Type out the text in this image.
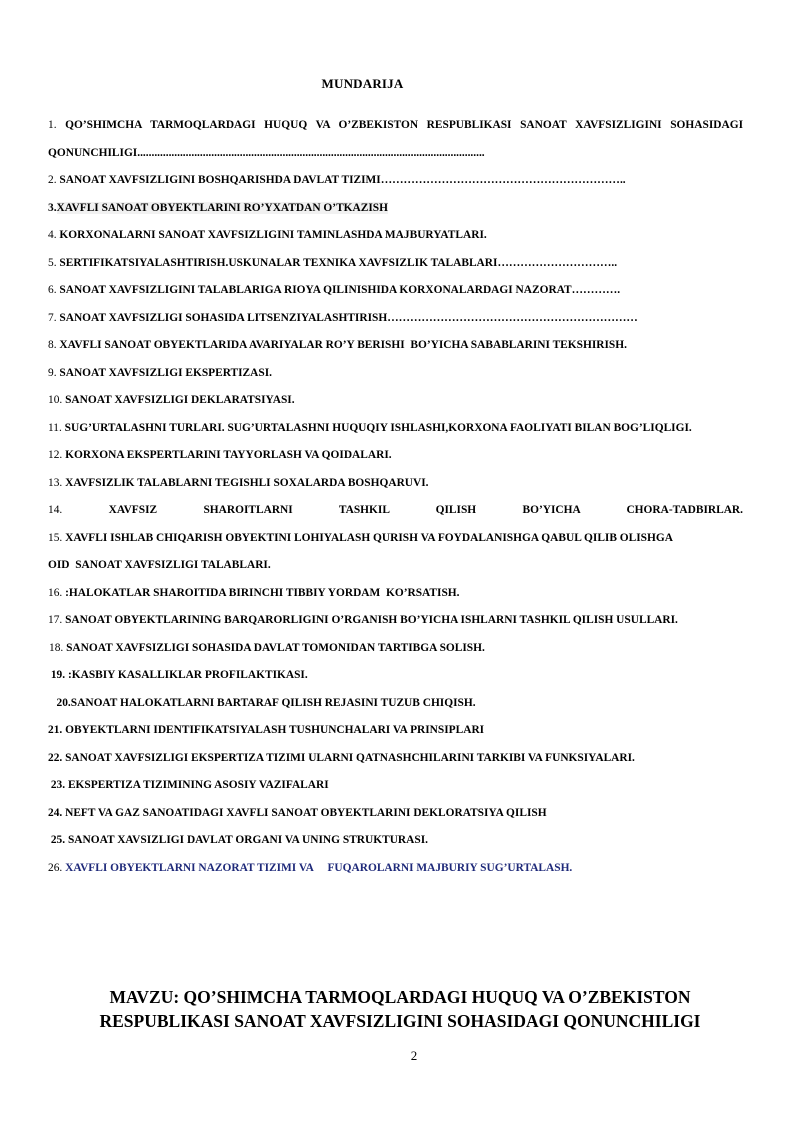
MUNDARIJA
1. QO’SHIMCHA TARMOQLARDAGI HUQUQ VA O’ZBEKISTON RESPUBLIKASI SANOAT XAVFSIZLIGINI SOHASIDAGI
QONUNCHILIGI..........................................................................................................................
2. SANOAT XAVFSIZLIGINI BOSHQARISHDA DAVLAT TIZIMI………………………………………………………..
3.XAVFLI SANOAT OBYEKTLARINI RO’YXATDAN O’TKAZISH
4. KORXONALARNI SANOAT XAVFSIZLIGINI TAMINLASHDA MAJBURYATLARI.
5. SERTIFIKATSIYALASHTIRISH.USKUNALAR TEXNIKA XAVFSIZLIK TALABLARI…………………………..
6. SANOAT XAVFSIZLIGINI TALABLARIGA RIOYA QILINISHIDA KORXONALARDAGI NAZORAT………….
7. SANOAT XAVFSIZLIGI SOHASIDA LITSENZIYALASHTIRISH…………………………………………………………
8. XAVFLI SANOAT OBYEKTLARIDA AVARIYALAR RO’Y BERISHI  BO’YICHA SABABLARINI TEKSHIRISH.
9. SANOAT XAVFSIZLIGI EKSPERTIZASI.
10. SANOAT XAVFSIZLIGI DEKLARATSIYASI.
11. SUG’URTALASHNI TURLARI. SUG’URTALASHNI HUQUQIY ISHLASHI,KORXONA FAOLIYATI BILAN BOG’LIQLIGI.
12. KORXONA EKSPERTLARINI TAYYORLASH VA QOIDALARI.
13. XAVFSIZLIK TALABLARNI TEGISHLI SOXALARDA BOSHQARUVI.
14. XAVFSIZ SHAROITLARNI TASHKIL QILISH BO’YICHA CHORA-TADBIRLAR.
15. XAVFLI ISHLAB CHIQARISH OBYEKTINI LOHIYALASH QURISH VA FOYDALANISHGA QABUL QILIB OLISHGA
OID  SANOAT XAVFSIZLIGI TALABLARI.
16. :HALOKATLAR SHAROITIDA BIRINCHI TIBBIY YORDAM  KO’RSATISH.
17. SANOAT OBYEKTLARINING BARQARORLIGINI O’RGANISH BO’YICHA ISHLARNI TASHKIL QILISH USULLARI.
18. SANOAT XAVFSIZLIGI SOHASIDA DAVLAT TOMONIDAN TARTIBGA SOLISH.
19. :KASBIY KASALLIKLAR PROFILAKTIKASI.
20.SANOAT HALOKATLARNI BARTARAF QILISH REJASINI TUZUB CHIQISH.
21. OBYEKTLARNI IDENTIFIKATSIYALASH TUSHUNCHALARI VA PRINSIPLARI
22. SANOAT XAVFSIZLIGI EKSPERTIZA TIZIMI ULARNI QATNASHCHILARINI TARKIBI VA FUNKSIYALARI.
23. EKSPERTIZA TIZIMINING ASOSIY VAZIFALARI
24. NEFT VA GAZ SANOATIDAGI XAVFLI SANOAT OBYEKTLARINI DEKLORATSIYA QILISH
25. SANOAT XAVSIZLIGI DAVLAT ORGANI VA UNING STRUKTURASI.
26. XAVFLI OBYEKTLARNI NAZORAT TIZIMI VA     FUQAROLARNI MAJBURIY SUG’URTALASH.
MAVZU: QO’SHIMCHA TARMOQLARDAGI HUQUQ VA O’ZBEKISTON
RESPUBLIKASI SANOAT XAVFSIZLIGINI SOHASIDAGI QONUNCHILIGI
2
